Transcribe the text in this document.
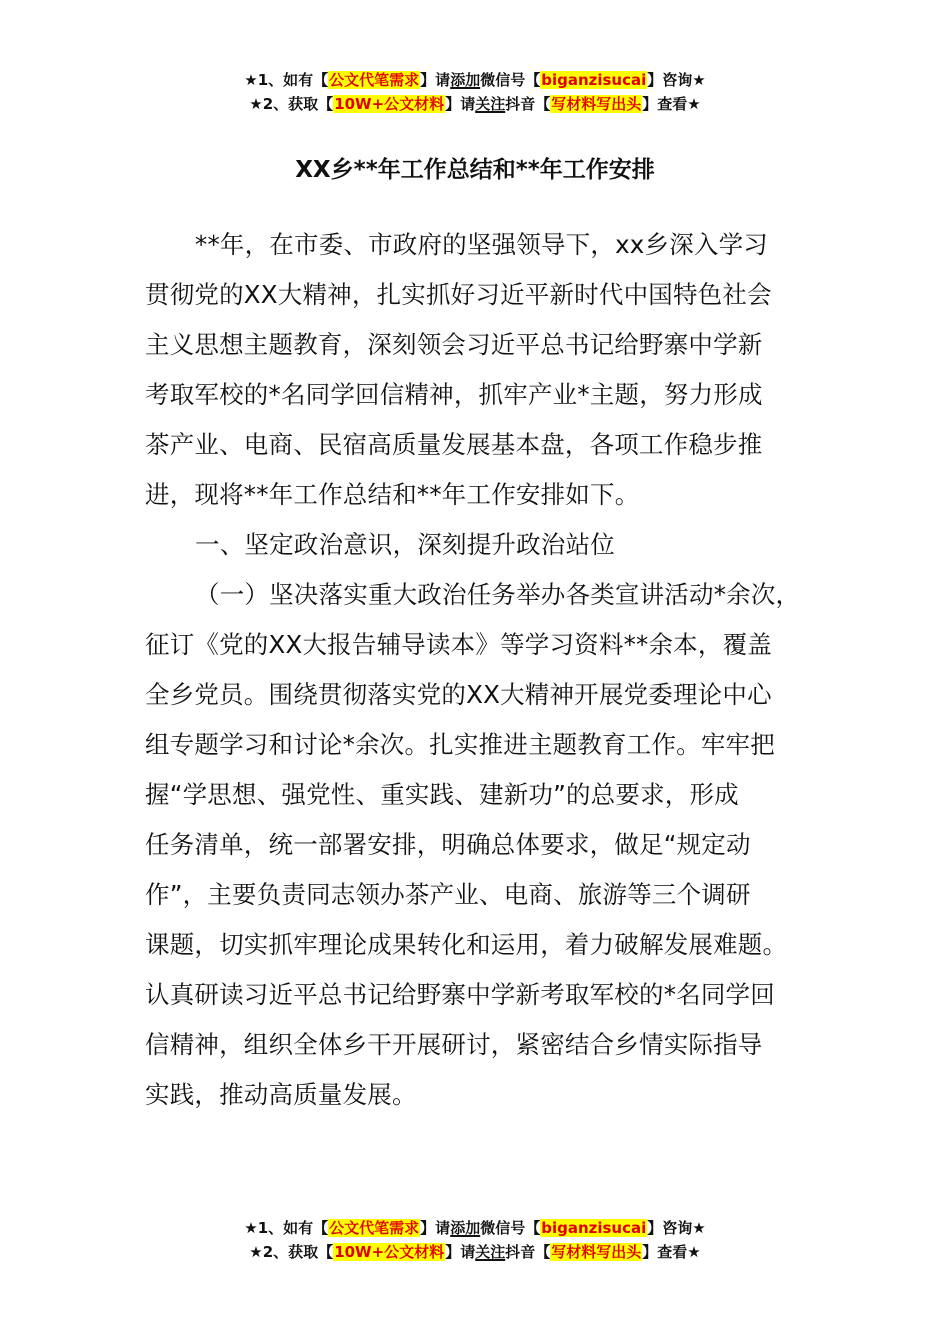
★1、如有【公文代笔需求】请添加微信号【biganzisucai】咨询★
★2、获取【10W+公文材料】请关注抖音【写材料写出头】查看★
XX乡**年工作总结和**年工作安排

**年，在市委、市政府的坚强领导下，xx乡深入学习
贯彻党的XX大精神，扎实抓好习近平新时代中国特色社会
主义思想主题教育，深刻领会习近平总书记给野寨中学新
考取军校的*名同学回信精神，抓牢产业*主题，努力形成
茶产业、电商、民宿高质量发展基本盘，各项工作稳步推
进，现将**年工作总结和**年工作安排如下。

一、坚定政治意识，深刻提升政治站位

（一）坚决落实重大政治任务举办各类宣讲活动*余次，
征订《党的XX大报告辅导读本》等学习资料**余本，覆盖
全乡党员。围绕贯彻落实党的XX大精神开展党委理论中心
组专题学习和讨论*余次。扎实推进主题教育工作。牢牢把
握“学思想、强党性、重实践、建新功”的总要求，形成
任务清单，统一部署安排，明确总体要求，做足“规定动
作”，主要负责同志领办茶产业、电商、旅游等三个调研
课题，切实抓牢理论成果转化和运用，着力破解发展难题。
认真研读习近平总书记给野寨中学新考取军校的*名同学回
信精神，组织全体乡干开展研讨，紧密结合乡情实际指导
实践，推动高质量发展。

★1、如有【公文代笔需求】请添加微信号【biganzisucai】咨询★
★2、获取【10W+公文材料】请关注抖音【写材料写出头】查看★
